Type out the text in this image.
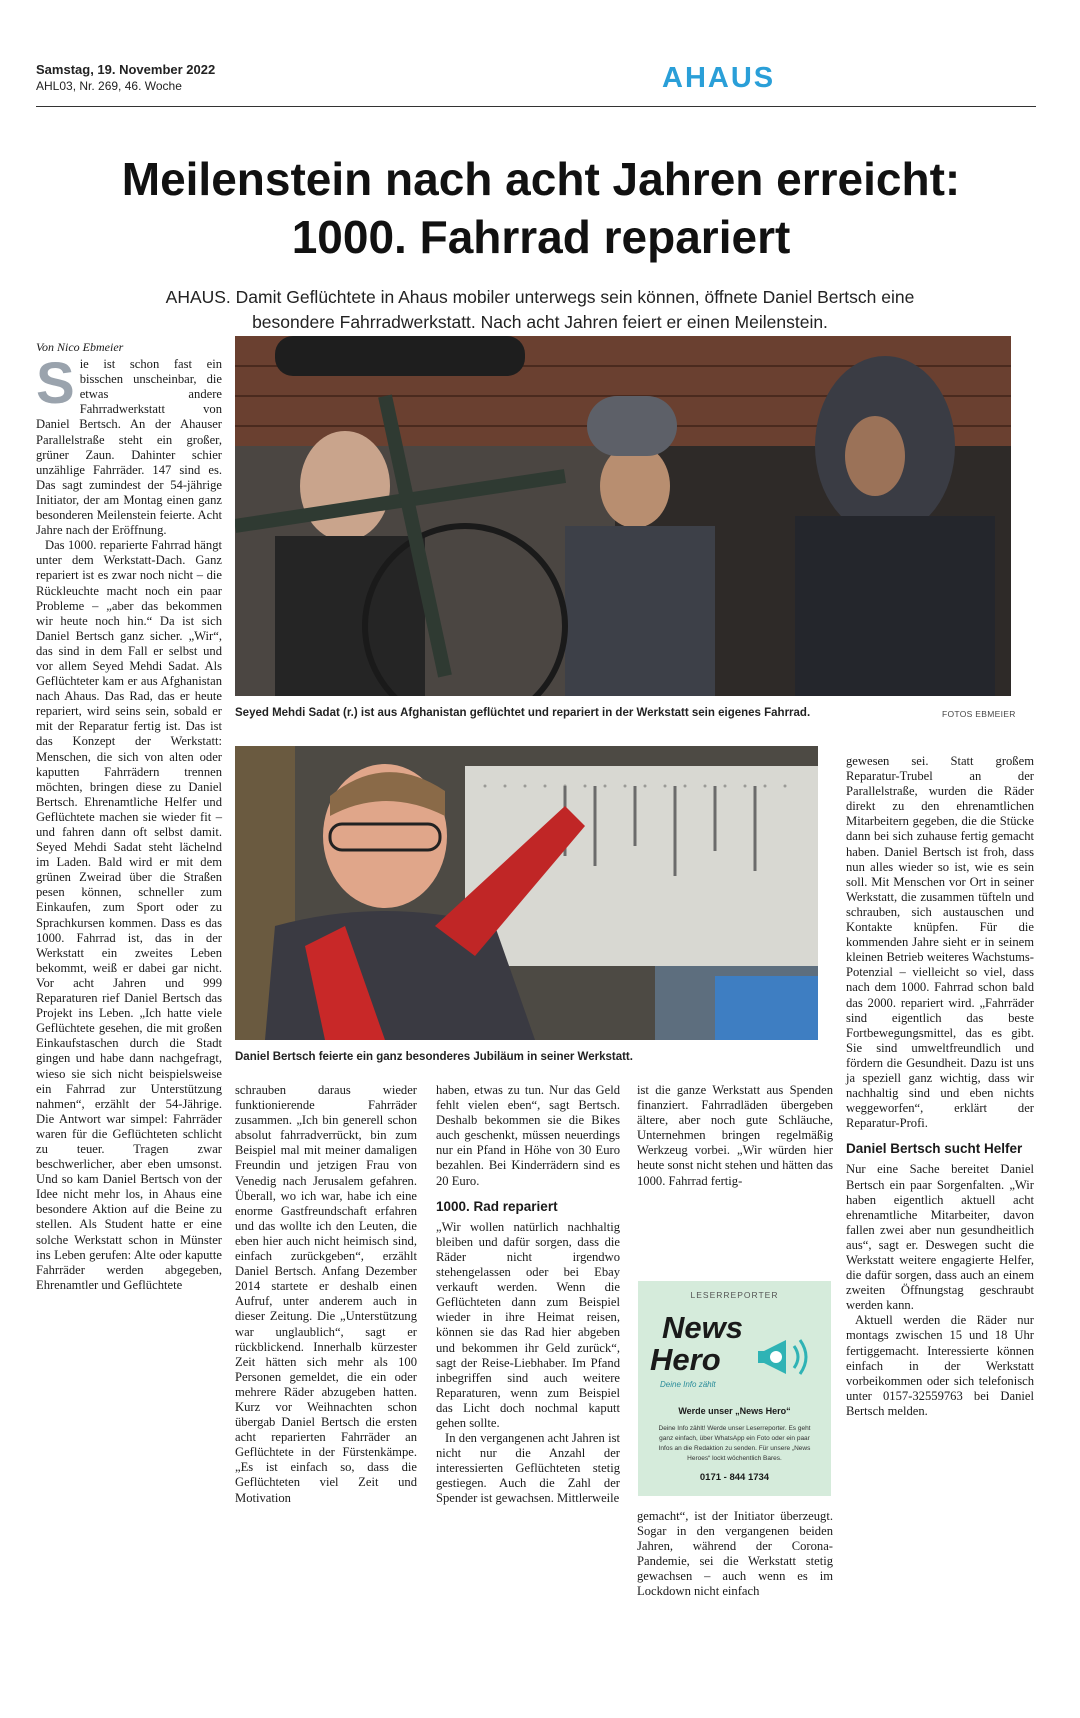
Samstag, 19. November 2022
AHL03, Nr. 269, 46. Woche	AHAUS
Meilenstein nach acht Jahren erreicht:
1000. Fahrrad repariert
AHAUS. Damit Geflüchtete in Ahaus mobiler unterwegs sein können, öffnete Daniel Bertsch eine besondere Fahrradwerkstatt. Nach acht Jahren feiert er einen Meilenstein.
Seyed Mehdi Sadat (r.) ist aus Afghanistan geflüchtet und repariert in der Werkstatt sein eigenes Fahrrad.	FOTOS EBMEIER
Daniel Bertsch feierte ein ganz besonderes Jubiläum in seiner Werkstatt.
Von Nico Ebmeier

Sie ist schon fast ein bisschen unscheinbar, die etwas andere Fahrradwerkstatt von Daniel Bertsch. An der Ahauser Parallelstraße steht ein großer, grüner Zaun. Dahinter schier unzählige Fahrräder. 147 sind es. Das sagt zumindest der 54-jährige Initiator, der am Montag einen ganz besonderen Meilenstein feierte. Acht Jahre nach der Eröffnung.

Das 1000. reparierte Fahrrad hängt unter dem Werkstatt-Dach. Ganz repariert ist es zwar noch nicht – die Rückleuchte macht noch ein paar Probleme – „aber das bekommen wir heute noch hin.“ Da ist sich Daniel Bertsch ganz sicher. „Wir“, das sind in dem Fall er selbst und vor allem Seyed Mehdi Sadat. Als Geflüchteter kam er aus Afghanistan nach Ahaus. Das Rad, das er heute repariert, wird seins sein, sobald er mit der Reparatur fertig ist. Das ist das Konzept der Werkstatt: Menschen, die sich von alten oder kaputten Fahrrädern trennen möchten, bringen diese zu Daniel Bertsch. Ehrenamtliche Helfer und Geflüchtete machen sie wieder fit – und fahren dann oft selbst damit. Seyed Mehdi Sadat steht lächelnd im Laden. Bald wird er mit dem grünen Zweirad über die Straßen pesen können, schneller zum Einkaufen, zum Sport oder zu Sprachkursen kommen. Dass es das 1000. Fahrrad ist, das in der Werkstatt ein zweites Leben bekommt, weiß er dabei gar nicht. Vor acht Jahren und 999 Reparaturen rief Daniel Bertsch das Projekt ins Leben. „Ich hatte viele Geflüchtete gesehen, die mit großen Einkaufstaschen durch die Stadt gingen und habe dann nachgefragt, wieso sie sich nicht beispielsweise ein Fahrrad zur Unterstützung nahmen“, erzählt der 54-Jährige. Die Antwort war simpel: Fahrräder waren für die Geflüchteten schlicht zu teuer. Tragen zwar beschwerlicher, aber eben umsonst. Und so kam Daniel Bertsch von der Idee nicht mehr los, in Ahaus eine besondere Aktion auf die Beine zu stellen. Als Student hatte er eine solche Werkstatt schon in Münster ins Leben gerufen: Alte oder kaputte Fahrräder werden abgegeben, Ehrenamtler und Geflüchtete

schrauben daraus wieder funktionierende Fahrräder zusammen. „Ich bin generell schon absolut fahrradverrückt, bin zum Beispiel mal mit meiner damaligen Freundin und jetzigen Frau von Venedig nach Jerusalem gefahren. Überall, wo ich war, habe ich eine enorme Gastfreundschaft erfahren und das wollte ich den Leuten, die eben hier auch nicht heimisch sind, einfach zurückgeben“, erzählt Daniel Bertsch. Anfang Dezember 2014 startete er deshalb einen Aufruf, unter anderem auch in dieser Zeitung. Die „Unterstützung war unglaublich“, sagt er rückblickend. Innerhalb kürzester Zeit hätten sich mehr als 100 Personen gemeldet, die ein oder mehrere Räder abzugeben hatten. Kurz vor Weihnachten schon übergab Daniel Bertsch die ersten acht reparierten Fahrräder an Geflüchtete in der Fürstenkämpe. „Es ist einfach so, dass die Geflüchteten viel Zeit und Motivation

haben, etwas zu tun. Nur das Geld fehlt vielen eben“, sagt Bertsch. Deshalb bekommen sie die Bikes auch geschenkt, müssen neuerdings nur ein Pfand in Höhe von 30 Euro bezahlen. Bei Kinderrädern sind es 20 Euro.

1000. Rad repariert

„Wir wollen natürlich nachhaltig bleiben und dafür sorgen, dass die Räder nicht irgendwo stehengelassen oder bei Ebay verkauft werden. Wenn die Geflüchteten dann zum Beispiel wieder in ihre Heimat reisen, können sie das Rad hier abgeben und bekommen ihr Geld zurück“, sagt der Reise-Liebhaber. Im Pfand inbegriffen sind auch weitere Reparaturen, wenn zum Beispiel das Licht doch nochmal kaputt gehen sollte.

In den vergangenen acht Jahren ist nicht nur die Anzahl der interessierten Geflüchteten stetig gestiegen. Auch die Zahl der Spender ist gewachsen. Mittlerweile

ist die ganze Werkstatt aus Spenden finanziert. Fahrradläden übergeben ältere, aber noch gute Schläuche, Unternehmen bringen regelmäßig Werkzeug vorbei. „Wir würden hier heute sonst nicht stehen und hätten das 1000. Fahrrad fertig-

LESERREPORTER
News
Hero
Deine Info zählt
Werde unser „News Hero“
Deine Info zählt! Werde unser Leserreporter. Es geht ganz einfach, über WhatsApp ein Foto oder ein paar Infos an die Redaktion zu senden. Für unsere „News Heroes“ lockt wöchentlich Bares.
0171 - 844 1734

gemacht“, ist der Initiator überzeugt. Sogar in den vergangenen beiden Jahren, während der Corona-Pandemie, sei die Werkstatt stetig gewachsen – auch wenn es im Lockdown nicht einfach

gewesen sei. Statt großem Reparatur-Trubel an der Parallelstraße, wurden die Räder direkt zu den ehrenamtlichen Mitarbeitern gegeben, die die Stücke dann bei sich zuhause fertig gemacht haben. Daniel Bertsch ist froh, dass nun alles wieder so ist, wie es sein soll. Mit Menschen vor Ort in seiner Werkstatt, die zusammen tüfteln und schrauben, sich austauschen und Kontakte knüpfen. Für die kommenden Jahre sieht er in seinem kleinen Betrieb weiteres Wachstums-Potenzial – vielleicht so viel, dass nach dem 1000. Fahrrad schon bald das 2000. repariert wird. „Fahrräder sind eigentlich das beste Fortbewegungsmittel, das es gibt. Sie sind umweltfreundlich und fördern die Gesundheit. Dazu ist uns ja speziell ganz wichtig, dass wir nachhaltig sind und eben nichts weggeworfen“, erklärt der Reparatur-Profi.

Daniel Bertsch sucht Helfer

Nur eine Sache bereitet Daniel Bertsch ein paar Sorgenfalten. „Wir haben eigentlich aktuell acht ehrenamtliche Mitarbeiter, davon fallen zwei aber nun gesundheitlich aus“, sagt er. Deswegen sucht die Werkstatt weitere engagierte Helfer, die dafür sorgen, dass auch an einem zweiten Öffnungstag geschraubt werden kann.

Aktuell werden die Räder nur montags zwischen 15 und 18 Uhr fertiggemacht. Interessierte können einfach in der Werkstatt vorbeikommen oder sich telefonisch unter 0157-32559763 bei Daniel Bertsch melden.
